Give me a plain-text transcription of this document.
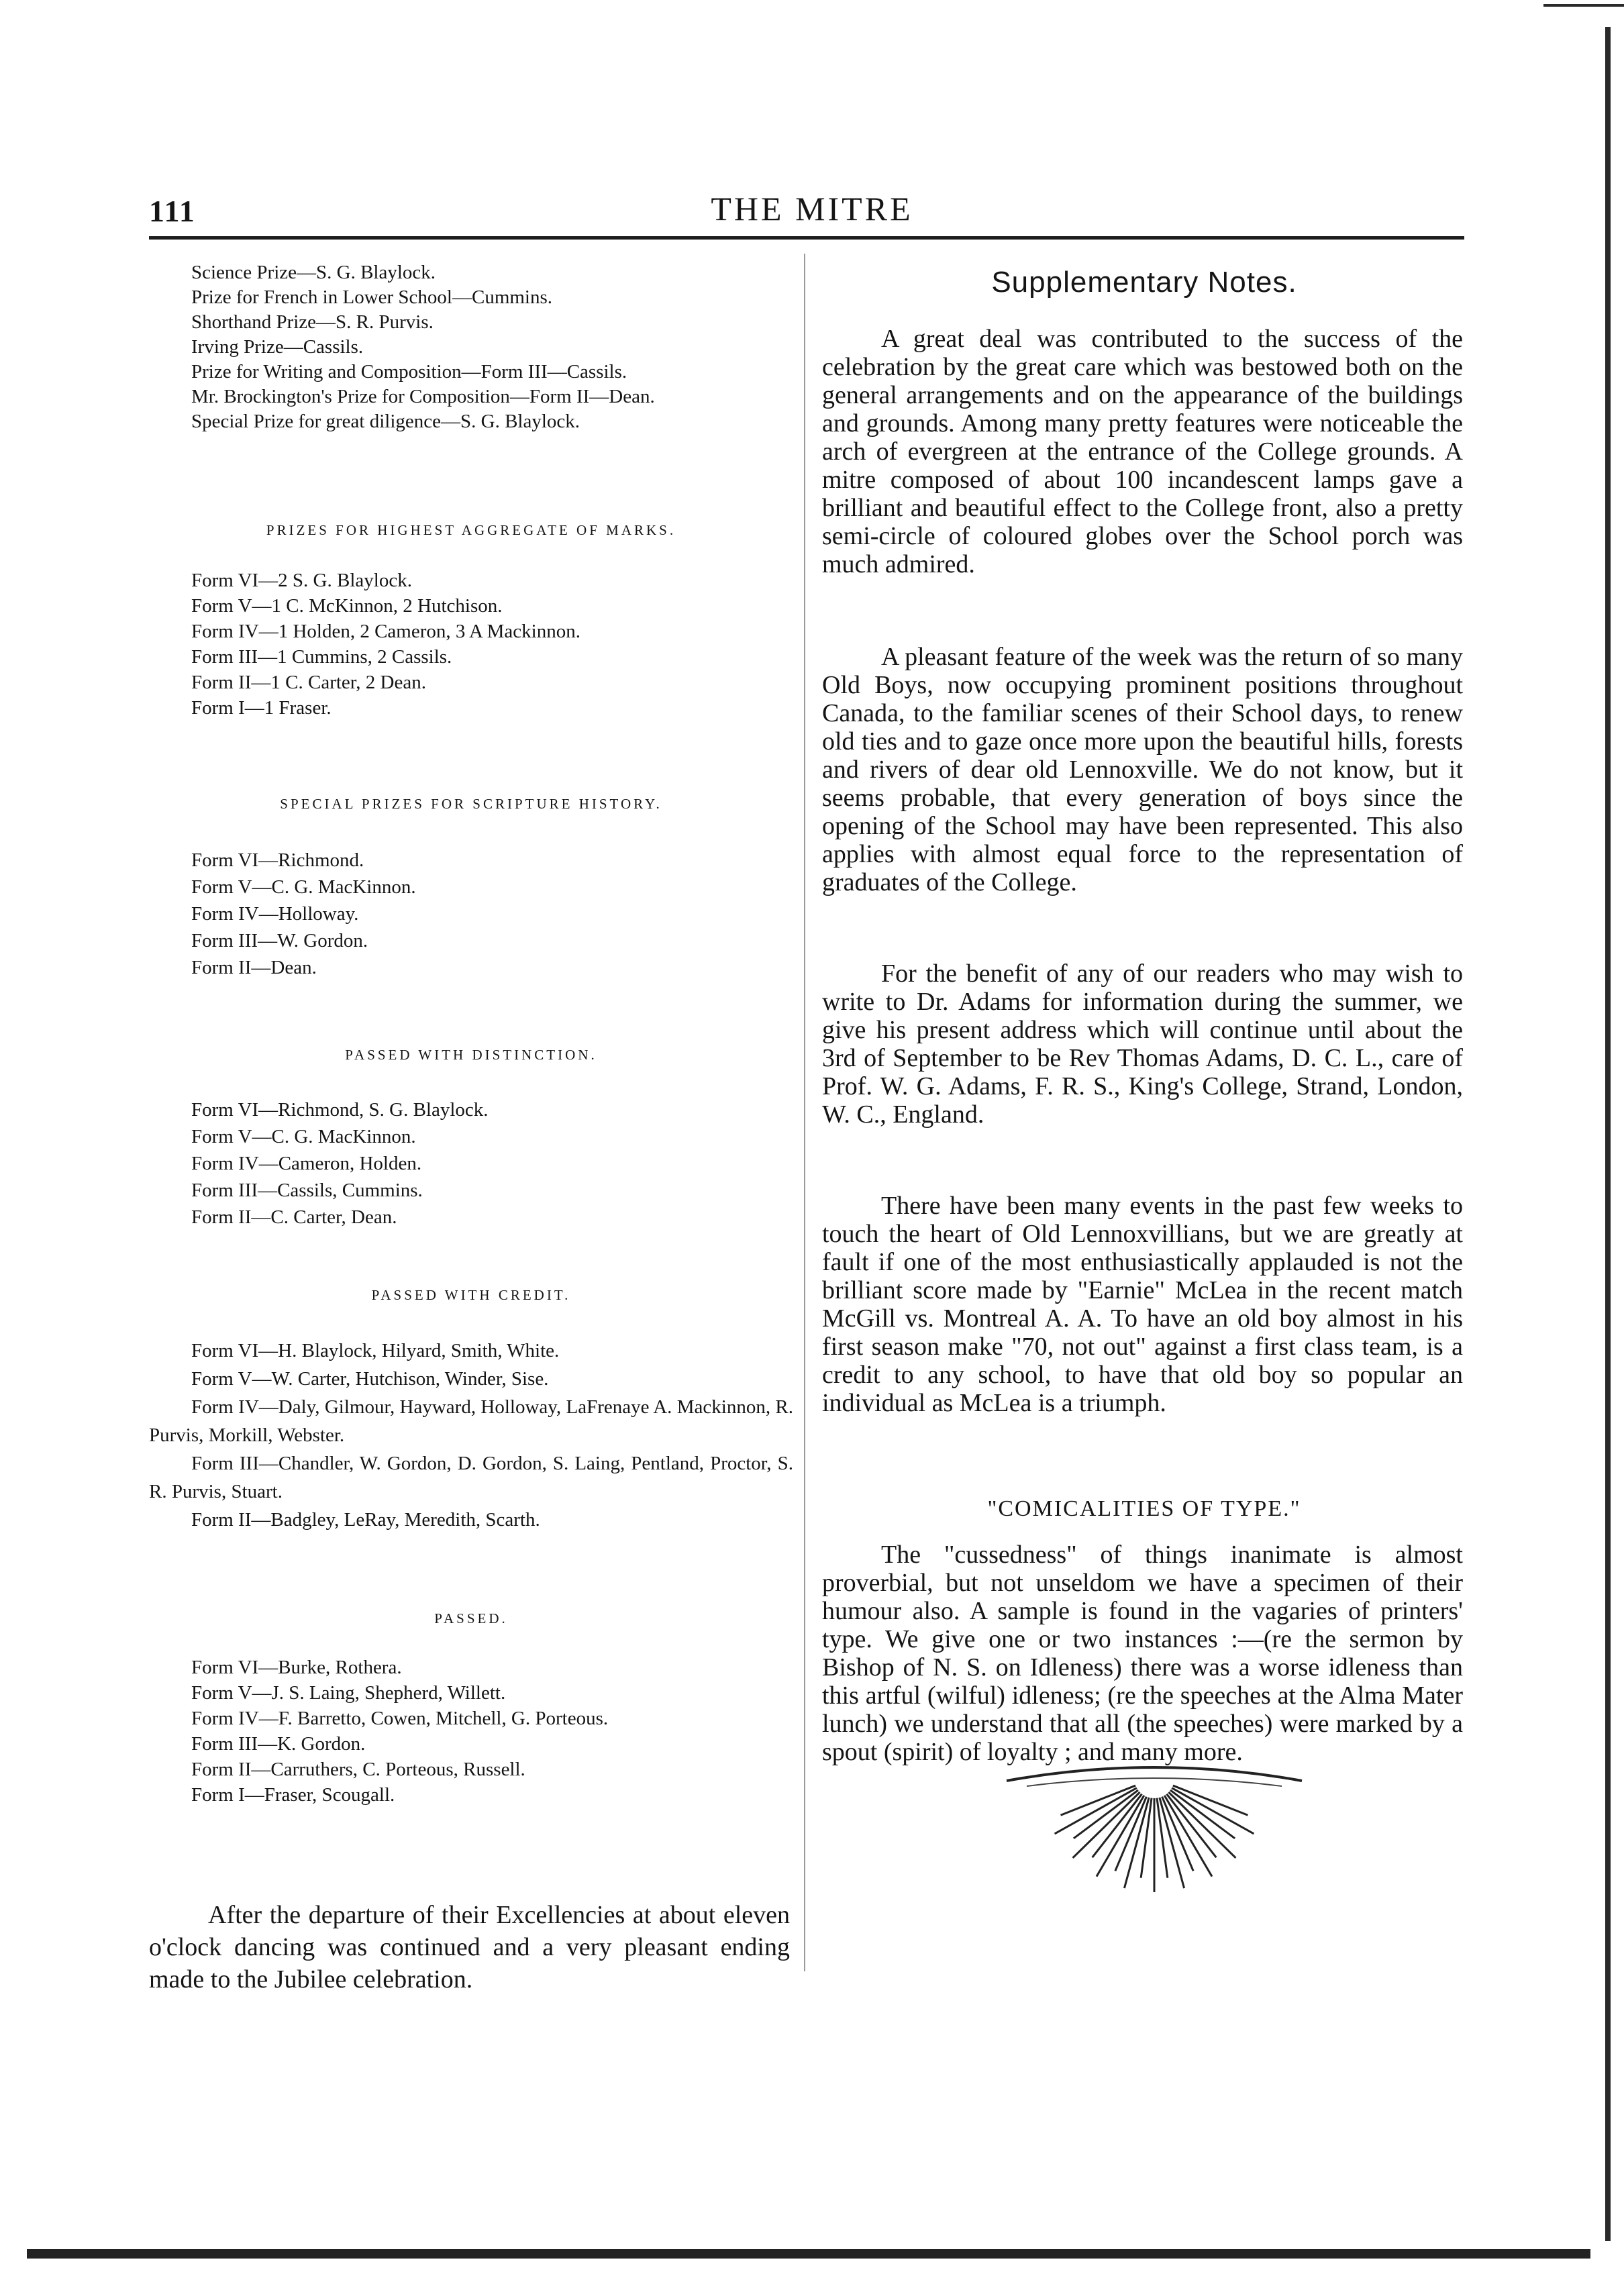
111	THE MITRE
Science Prize—S. G. Blaylock.
Prize for French in Lower School—Cummins.
Shorthand Prize—S. R. Purvis.
Irving Prize—Cassils.
Prize for Writing and Composition—Form III—Cassils.
Mr. Brockington's Prize for Composition—Form II—Dean.
Special Prize for great diligence—S. G. Blaylock.
PRIZES FOR HIGHEST AGGREGATE OF MARKS.
Form VI—2 S. G. Blaylock.
Form V—1 C. McKinnon, 2 Hutchison.
Form IV—1 Holden, 2 Cameron, 3 A Mackinnon.
Form III—1 Cummins, 2 Cassils.
Form II—1 C. Carter, 2 Dean.
Form I—1 Fraser.
SPECIAL PRIZES FOR SCRIPTURE HISTORY.
Form VI—Richmond.
Form V—C. G. MacKinnon.
Form IV—Holloway.
Form III—W. Gordon.
Form II—Dean.
PASSED WITH DISTINCTION.
Form VI—Richmond, S. G. Blaylock.
Form V—C. G. MacKinnon.
Form IV—Cameron, Holden.
Form III—Cassils, Cummins.
Form II—C. Carter, Dean.
PASSED WITH CREDIT.
Form VI—H. Blaylock, Hilyard, Smith, White.
Form V—W. Carter, Hutchison, Winder, Sise.
Form IV—Daly, Gilmour, Hayward, Holloway, LaFrenaye A. Mackinnon, R. Purvis, Morkill, Webster.
Form III—Chandler, W. Gordon, D. Gordon, S. Laing, Pentland, Proctor, S. R. Purvis, Stuart.
Form II—Badgley, LeRay, Meredith, Scarth.
PASSED.
Form VI—Burke, Rothera.
Form V—J. S. Laing, Shepherd, Willett.
Form IV—F. Barretto, Cowen, Mitchell, G. Porteous.
Form III—K. Gordon.
Form II—Carruthers, C. Porteous, Russell.
Form I—Fraser, Scougall.
After the departure of their Excellencies at about eleven o'clock dancing was continued and a very pleasant ending made to the Jubilee celebration.
Supplementary Notes.
A great deal was contributed to the success of the celebration by the great care which was bestowed both on the general arrangements and on the appearance of the buildings and grounds. Among many pretty features were noticeable the arch of evergreen at the entrance of the College grounds. A mitre composed of about 100 incandescent lamps gave a brilliant and beautiful effect to the College front, also a pretty semi-circle of coloured globes over the School porch was much admired.
A pleasant feature of the week was the return of so many Old Boys, now occupying prominent positions throughout Canada, to the familiar scenes of their School days, to renew old ties and to gaze once more upon the beautiful hills, forests and rivers of dear old Lennoxville. We do not know, but it seems probable, that every generation of boys since the opening of the School may have been represented. This also applies with almost equal force to the representation of graduates of the College.
For the benefit of any of our readers who may wish to write to Dr. Adams for information during the summer, we give his present address which will continue until about the 3rd of September to be Rev Thomas Adams, D. C. L., care of Prof. W. G. Adams, F. R. S., King's College, Strand, London, W. C., England.
There have been many events in the past few weeks to touch the heart of Old Lennoxvillians, but we are greatly at fault if one of the most enthusiastically applauded is not the brilliant score made by "Earnie" McLea in the recent match McGill vs. Montreal A. A. To have an old boy almost in his first season make "70, not out" against a first class team, is a credit to any school, to have that old boy so popular an individual as McLea is a triumph.
"COMICALITIES OF TYPE."
The "cussedness" of things inanimate is almost proverbial, but not unseldom we have a specimen of their humour also. A sample is found in the vagaries of printers' type. We give one or two instances :—(re the sermon by Bishop of N. S. on Idleness) there was a worse idleness than this artful (wilful) idleness; (re the speeches at the Alma Mater lunch) we understand that all (the speeches) were marked by a spout (spirit) of loyalty ; and many more.
